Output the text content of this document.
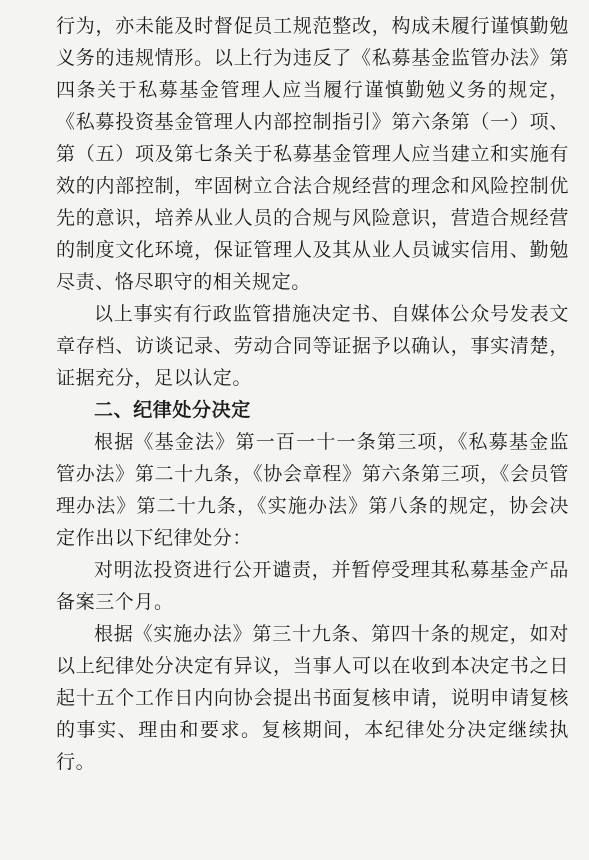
行为，亦未能及时督促员工规范整改，构成未履行谨慎勤勉义务的违规情形。以上行为违反了《私募基金监管办法》第四条关于私募基金管理人应当履行谨慎勤勉义务的规定，《私募投资基金管理人内部控制指引》第六条第（一）项、第（五）项及第七条关于私募基金管理人应当建立和实施有效的内部控制，牢固树立合法合规经营的理念和风险控制优先的意识，培养从业人员的合规与风险意识，营造合规经营的制度文化环境，保证管理人及其从业人员诚实信用、勤勉尽责、恪尽职守的相关规定。

以上事实有行政监管措施决定书、自媒体公众号发表文章存档、访谈记录、劳动合同等证据予以确认，事实清楚，证据充分，足以认定。

二、纪律处分决定

根据《基金法》第一百一十一条第三项，《私募基金监管办法》第二十九条，《协会章程》第六条第三项，《会员管理办法》第二十九条，《实施办法》第八条的规定，协会决定作出以下纪律处分：

对明汯投资进行公开谴责，并暂停受理其私募基金产品备案三个月。

根据《实施办法》第三十九条、第四十条的规定，如对以上纪律处分决定有异议，当事人可以在收到本决定书之日起十五个工作日内向协会提出书面复核申请，说明申请复核的事实、理由和要求。复核期间，本纪律处分决定继续执行。
